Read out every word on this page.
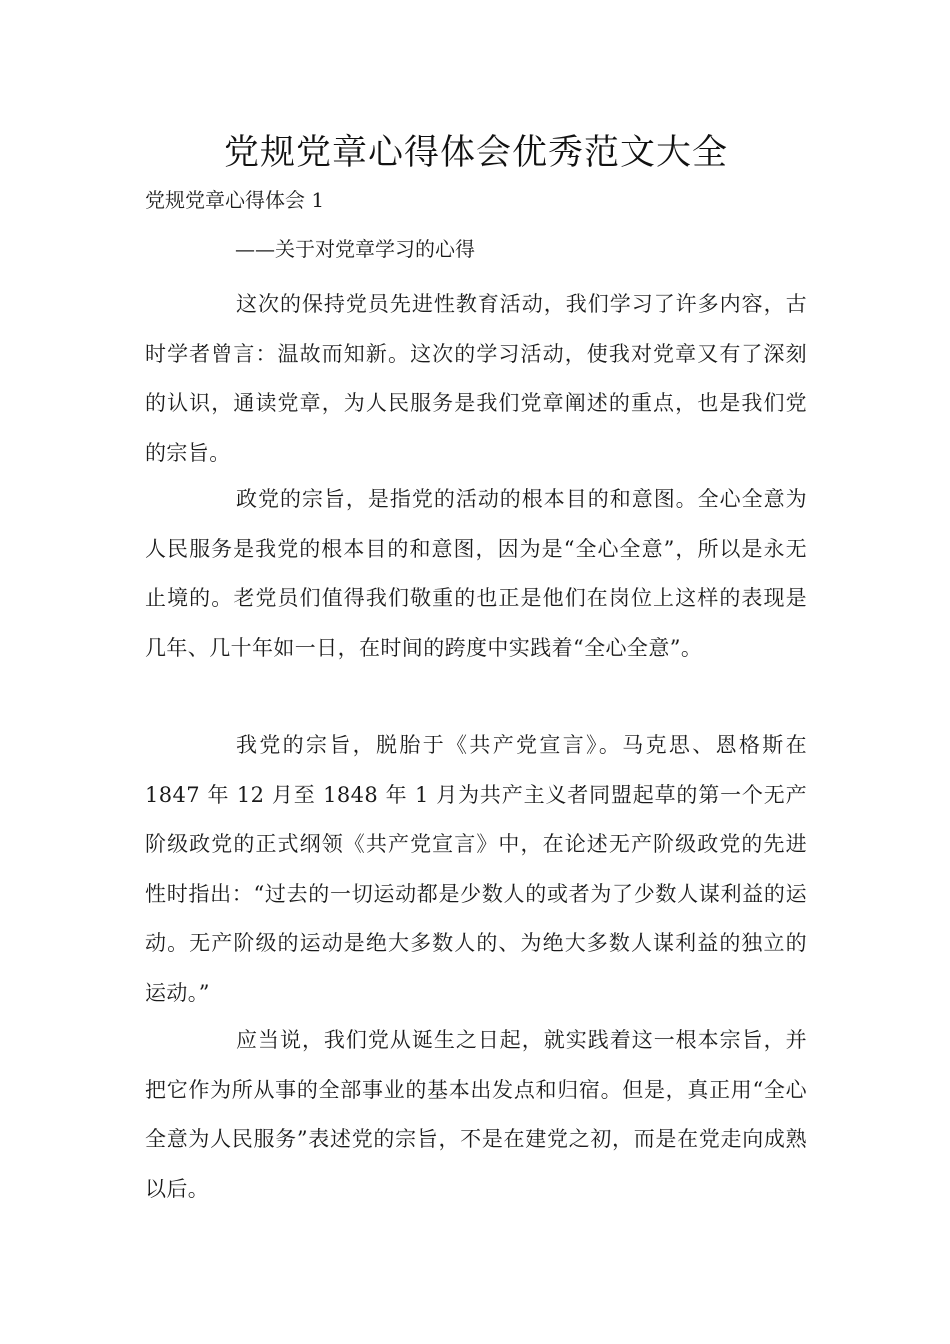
党规党章心得体会优秀范文大全

党规党章心得体会 1

——关于对党章学习的心得

这次的保持党员先进性教育活动，我们学习了许多内容，古时学者曾言：温故而知新。这次的学习活动，使我对党章又有了深刻的认识，通读党章，为人民服务是我们党章阐述的重点，也是我们党的宗旨。

政党的宗旨，是指党的活动的根本目的和意图。全心全意为人民服务是我党的根本目的和意图，因为是“全心全意”，所以是永无止境的。老党员们值得我们敬重的也正是他们在岗位上这样的表现是几年、几十年如一日，在时间的跨度中实践着“全心全意”。

我党的宗旨，脱胎于《共产党宣言》。马克思、恩格斯在 1847 年 12 月至 1848 年 1 月为共产主义者同盟起草的第一个无产阶级政党的正式纲领《共产党宣言》中，在论述无产阶级政党的先进性时指出：“过去的一切运动都是少数人的或者为了少数人谋利益的运动。无产阶级的运动是绝大多数人的、为绝大多数人谋利益的独立的运动。”

应当说，我们党从诞生之日起，就实践着这一根本宗旨，并把它作为所从事的全部事业的基本出发点和归宿。但是，真正用“全心全意为人民服务”表述党的宗旨，不是在建党之初，而是在党走向成熟以后。
